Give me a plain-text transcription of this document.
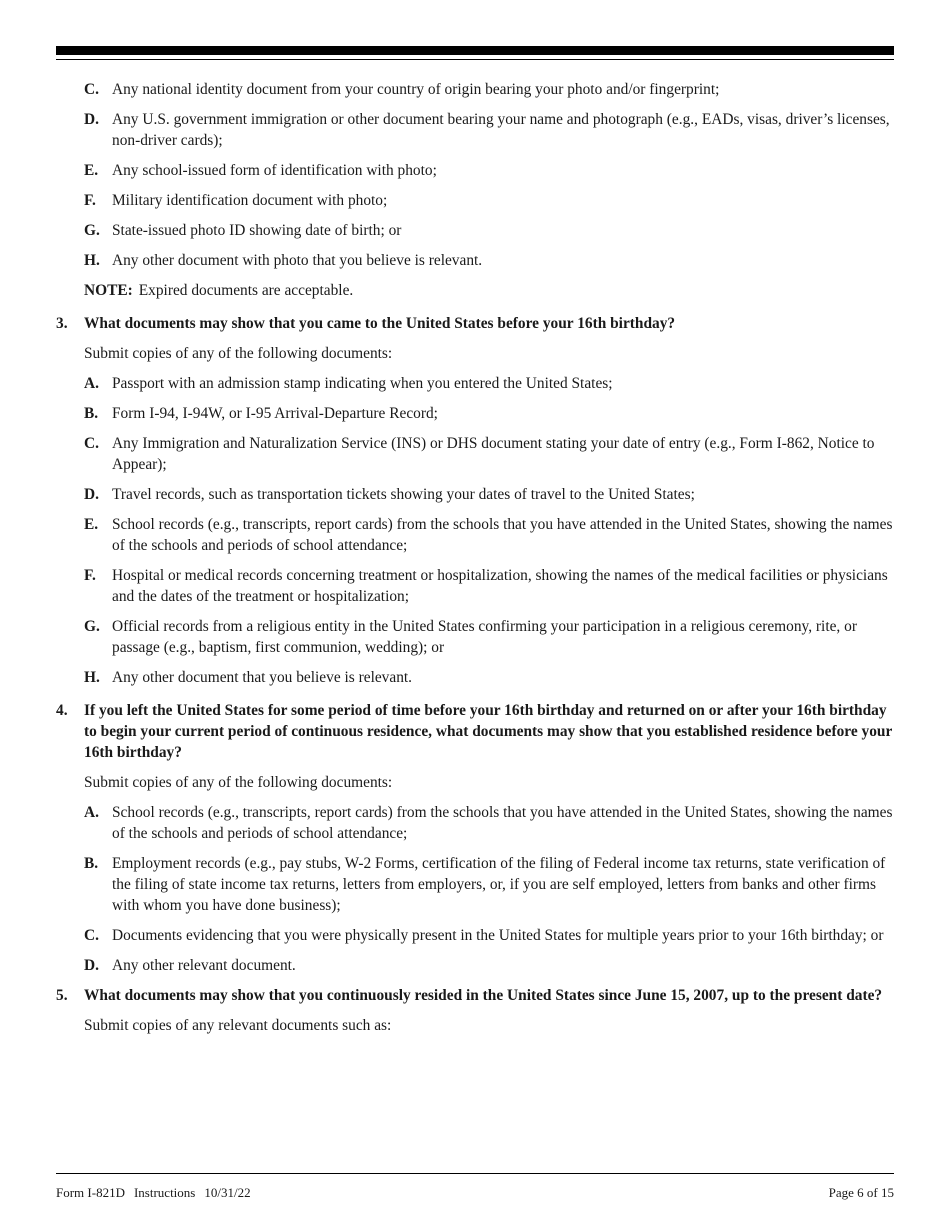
C. Any national identity document from your country of origin bearing your photo and/or fingerprint;
D. Any U.S. government immigration or other document bearing your name and photograph (e.g., EADs, visas, driver’s licenses, non-driver cards);
E. Any school-issued form of identification with photo;
F.	Military identification document with photo;
G. State-issued photo ID showing date of birth; or
H. Any other document with photo that you believe is relevant.
NOTE: Expired documents are acceptable.
3.	What documents may show that you came to the United States before your 16th birthday?
Submit copies of any of the following documents:
A. Passport with an admission stamp indicating when you entered the United States;
B. Form I-94, I-94W, or I-95 Arrival-Departure Record;
C. Any Immigration and Naturalization Service (INS) or DHS document stating your date of entry (e.g., Form I-862, Notice to Appear);
D. Travel records, such as transportation tickets showing your dates of travel to the United States;
E. School records (e.g., transcripts, report cards) from the schools that you have attended in the United States, showing the names of the schools and periods of school attendance;
F.	Hospital or medical records concerning treatment or hospitalization, showing the names of the medical facilities or physicians and the dates of the treatment or hospitalization;
G. Official records from a religious entity in the United States confirming your participation in a religious ceremony, rite, or passage (e.g., baptism, first communion, wedding); or
H. Any other document that you believe is relevant.
4.	If you left the United States for some period of time before your 16th birthday and returned on or after your 16th birthday to begin your current period of continuous residence, what documents may show that you established residence before your 16th birthday?
Submit copies of any of the following documents:
A. School records (e.g., transcripts, report cards) from the schools that you have attended in the United States, showing the names of the schools and periods of school attendance;
B. Employment records (e.g., pay stubs, W-2 Forms, certification of the filing of Federal income tax returns, state verification of the filing of state income tax returns, letters from employers, or, if you are self employed, letters from banks and other firms with whom you have done business);
C. Documents evidencing that you were physically present in the United States for multiple years prior to your 16th birthday; or
D. Any other relevant document.
5.	What documents may show that you continuously resided in the United States since June 15, 2007, up to the present date?
Submit copies of any relevant documents such as:
Form I-821D Instructions 10/31/22	Page 6 of 15
